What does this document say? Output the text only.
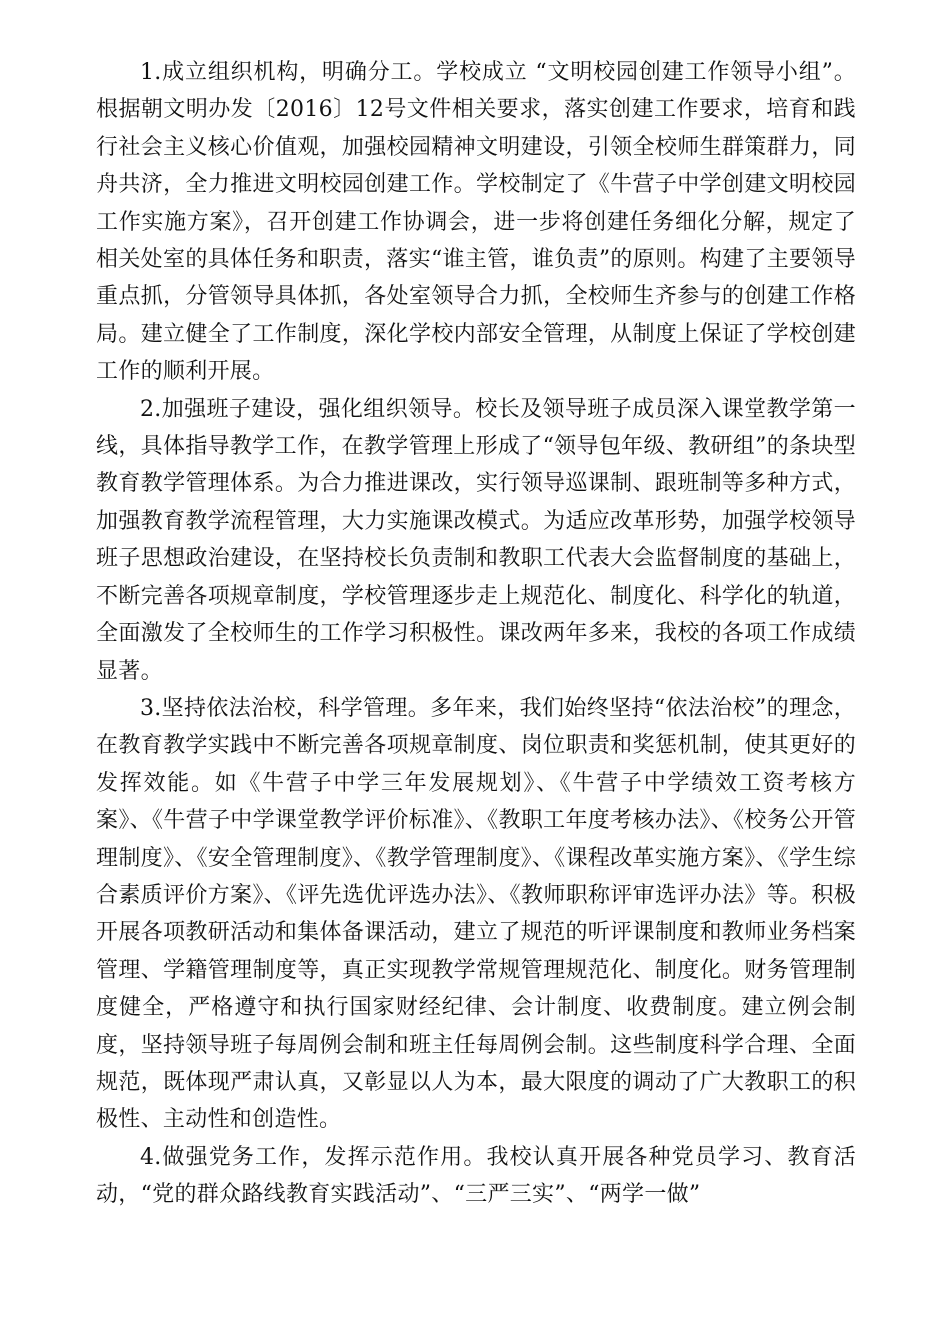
1.成立组织机构，明确分工。学校成立 “文明校园创建工作领导小组”。根据朝文明办发〔2016〕12号文件相关要求，落实创建工作要求，培育和践行社会主义核心价值观，加强校园精神文明建设，引领全校师生群策群力，同舟共济，全力推进文明校园创建工作。学校制定了《牛营子中学创建文明校园工作实施方案》，召开创建工作协调会，进一步将创建任务细化分解，规定了相关处室的具体任务和职责，落实“谁主管，谁负责”的原则。构建了主要领导重点抓，分管领导具体抓，各处室领导合力抓，全校师生齐参与的创建工作格局。建立健全了工作制度，深化学校内部安全管理，从制度上保证了学校创建工作的顺利开展。

2.加强班子建设，强化组织领导。校长及领导班子成员深入课堂教学第一线，具体指导教学工作，在教学管理上形成了“领导包年级、教研组”的条块型教育教学管理体系。为合力推进课改，实行领导巡课制、跟班制等多种方式，加强教育教学流程管理，大力实施课改模式。为适应改革形势，加强学校领导班子思想政治建设，在坚持校长负责制和教职工代表大会监督制度的基础上，不断完善各项规章制度，学校管理逐步走上规范化、制度化、科学化的轨道，全面激发了全校师生的工作学习积极性。课改两年多来，我校的各项工作成绩显著。

3.坚持依法治校，科学管理。多年来，我们始终坚持“依法治校”的理念，在教育教学实践中不断完善各项规章制度、岗位职责和奖惩机制，使其更好的发挥效能。如《牛营子中学三年发展规划》、《牛营子中学绩效工资考核方案》、《牛营子中学课堂教学评价标准》、《教职工年度考核办法》、《校务公开管理制度》、《安全管理制度》、《教学管理制度》、《课程改革实施方案》、《学生综合素质评价方案》、《评先选优评选办法》、《教师职称评审选评办法》等。积极开展各项教研活动和集体备课活动，建立了规范的听评课制度和教师业务档案管理、学籍管理制度等，真正实现教学常规管理规范化、制度化。财务管理制度健全，严格遵守和执行国家财经纪律、会计制度、收费制度。建立例会制度，坚持领导班子每周例会制和班主任每周例会制。这些制度科学合理、全面规范，既体现严肃认真，又彰显以人为本，最大限度的调动了广大教职工的积极性、主动性和创造性。

4.做强党务工作，发挥示范作用。我校认真开展各种党员学习、教育活动，“党的群众路线教育实践活动”、“三严三实”、“两学一做”
